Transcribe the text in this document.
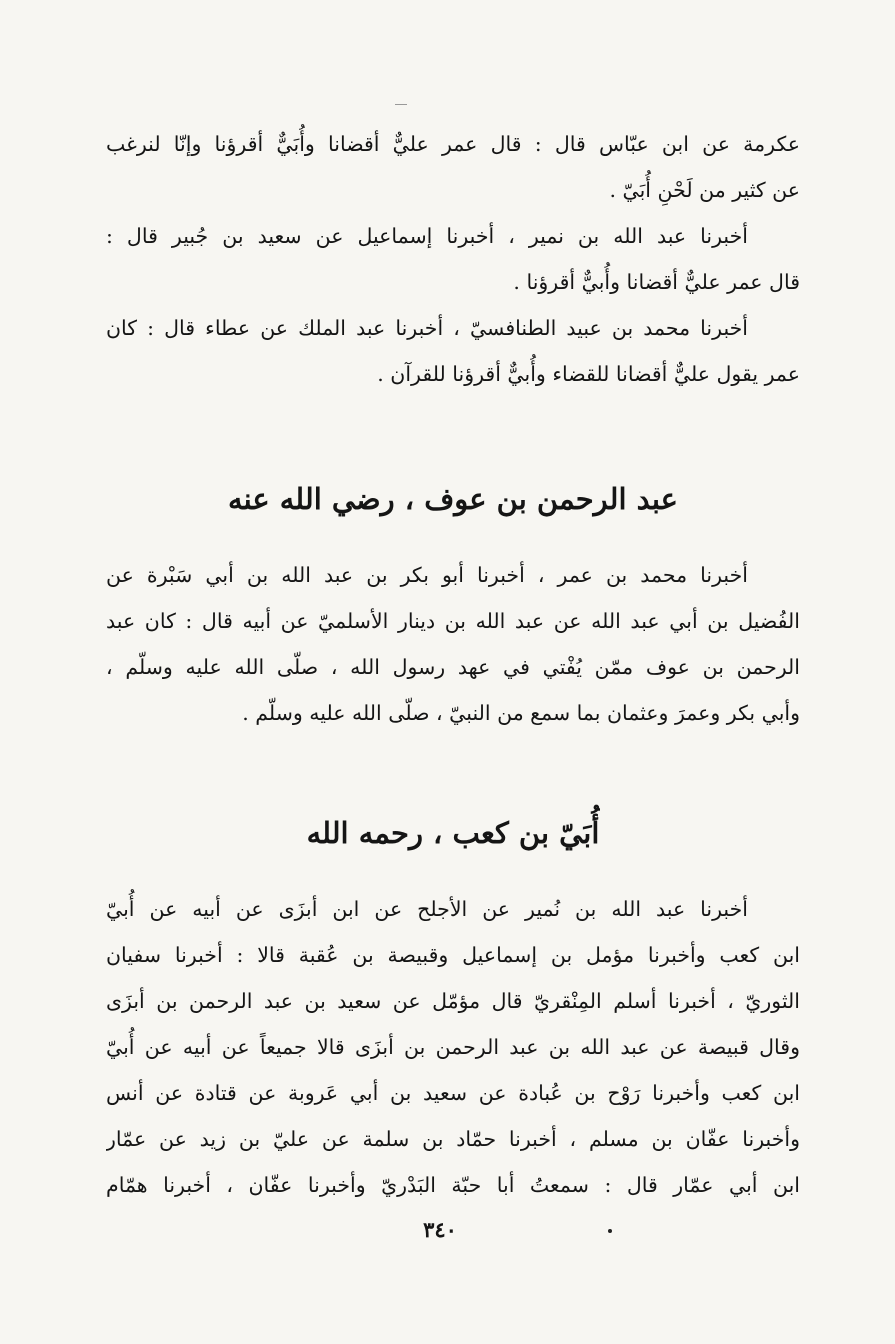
عكرمة عن ابن عبّاس قال : قال عمر عليٌّ أقضانا وأُبَيٌّ أقرؤنا وإنّا لنرغب
عن كثير من لَحْنِ أُبَيّ .
أخبرنا عبد الله بن نمير ، أخبرنا إسماعيل عن سعيد بن جُبير قال :
قال عمر عليٌّ أقضانا وأُبيٌّ أقرؤنا .
أخبرنا محمد بن عبيد الطنافسيّ ، أخبرنا عبد الملك عن عطاء قال : كان
عمر يقول عليٌّ أقضانا للقضاء وأُبيٌّ أقرؤنا للقرآن .
عبد الرحمن بن عوف ، رضي الله عنه
أخبرنا محمد بن عمر ، أخبرنا أبو بكر بن عبد الله بن أبي سَبْرة عن
الفُضيل بن أبي عبد الله عن عبد الله بن دينار الأسلميّ عن أبيه قال : كان عبد
الرحمن بن عوف ممّن يُفْتي في عهد رسول الله ، صلّى الله عليه وسلّم ،
وأبي بكر وعمرَ وعثمان بما سمع من النبيّ ، صلّى الله عليه وسلّم .
أُبَيّ بن كعب ، رحمه الله
أخبرنا عبد الله بن نُمير عن الأجلح عن ابن أبزَى عن أبيه عن أُبيّ
ابن كعب وأخبرنا مؤمل بن إسماعيل وقبيصة بن عُقبة قالا : أخبرنا سفيان
الثوريّ ، أخبرنا أسلم المِنْقريّ قال مؤمّل عن سعيد بن عبد الرحمن بن أبزَى
وقال قبيصة عن عبد الله بن عبد الرحمن بن أبزَى قالا جميعاً عن أبيه عن أُبيّ
ابن كعب وأخبرنا رَوْح بن عُبادة عن سعيد بن أبي عَروبة عن قتادة عن أنس
وأخبرنا عفّان بن مسلم ، أخبرنا حمّاد بن سلمة عن عليّ بن زيد عن عمّار
ابن أبي عمّار قال : سمعتُ أبا حبّة البَدْريّ وأخبرنا عفّان ، أخبرنا همّام
٣٤٠
